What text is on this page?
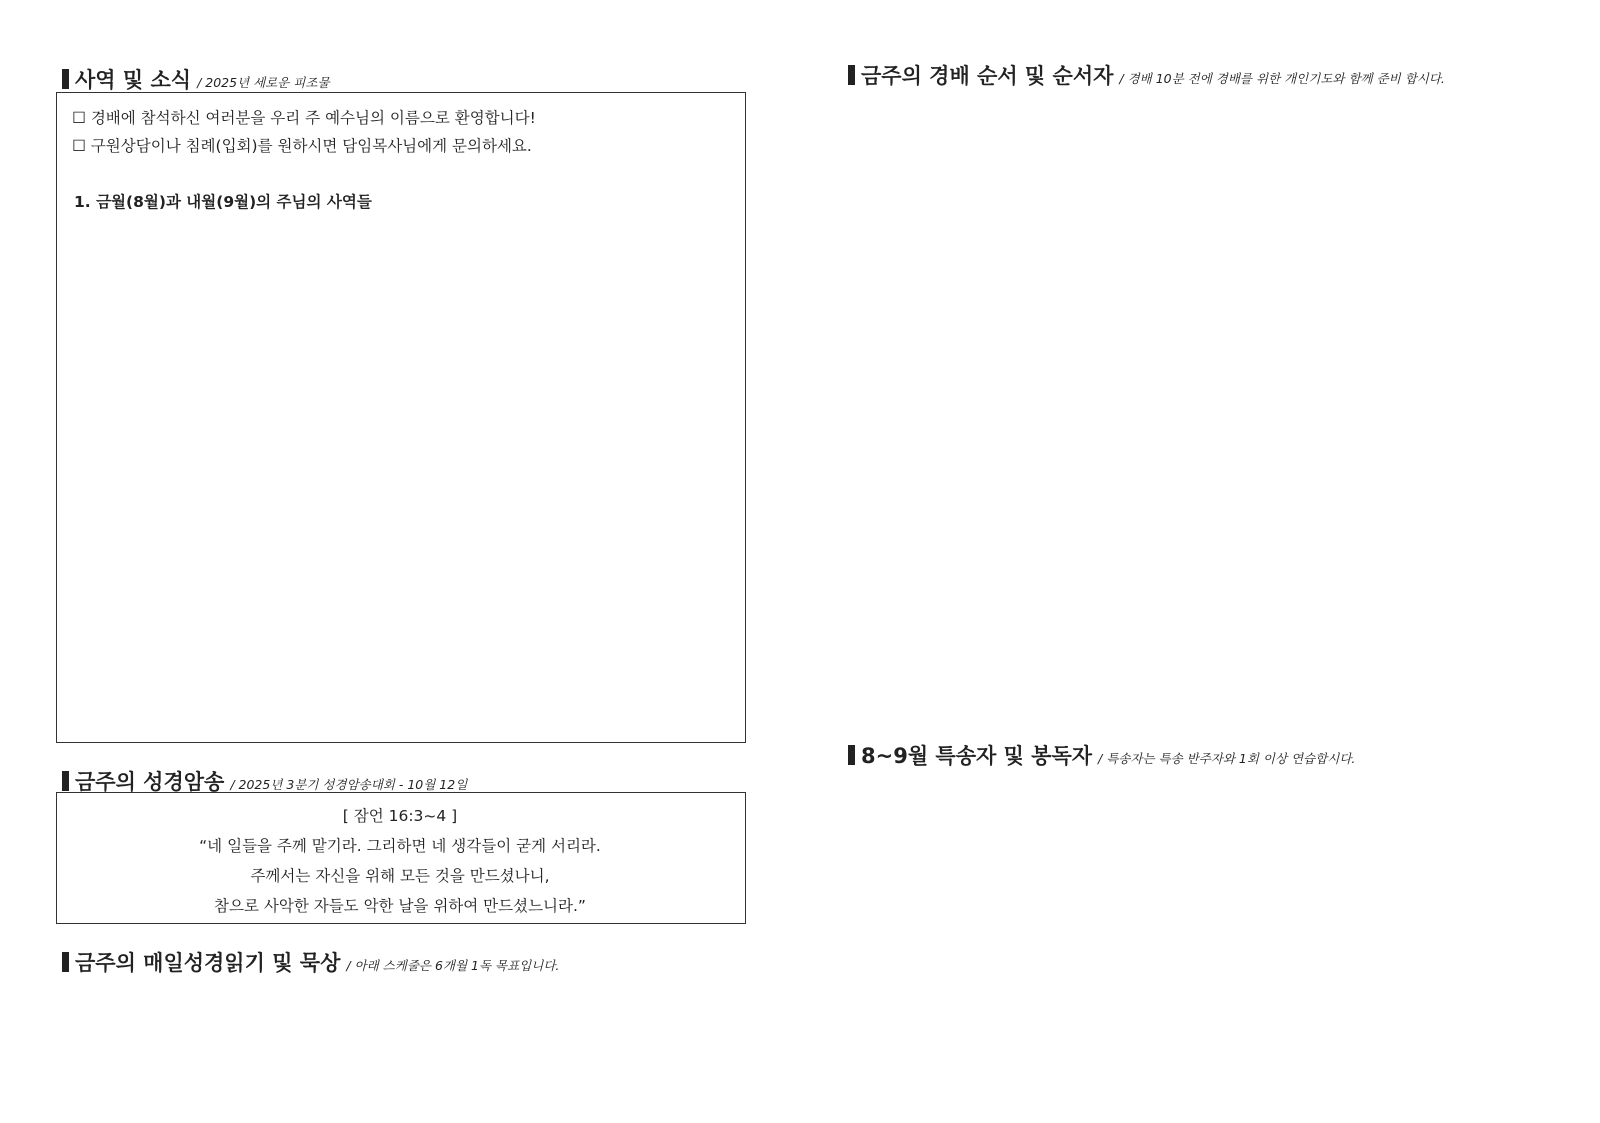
사역 및 소식 / 2025년 세로운 피조물
☐ 경배에 참석하신 여러분을 우리 주 예수님의 이름으로 환영합니다!
☐ 구원상담이나 침례(입회)를 원하시면 담임목사님에게 문의하세요.
1. 금월(8월)과 내월(9월)의 주님의 사역들
금주의 성경암송 / 2025년 3분기 성경암송대회 - 10월 12일
[ 잠언 16:3~4 ]
“네 일들을 주께 맡기라. 그리하면 네 생각들이 굳게 서리라.
주께서는 자신을 위해 모든 것을 만드셨나니,
참으로 사악한 자들도 악한 날을 위하여 만드셨느니라.”
금주의 매일성경읽기 및 묵상 / 아래 스케줄은 6개월 1독 목표입니다.
금주의 경배 순서 및 순서자 / 경배 10분 전에 경배를 위한 개인기도와 함께 준비 합시다.
8~9월 특송자 및 봉독자 / 특송자는 특송 반주자와 1회 이상 연습합시다.
